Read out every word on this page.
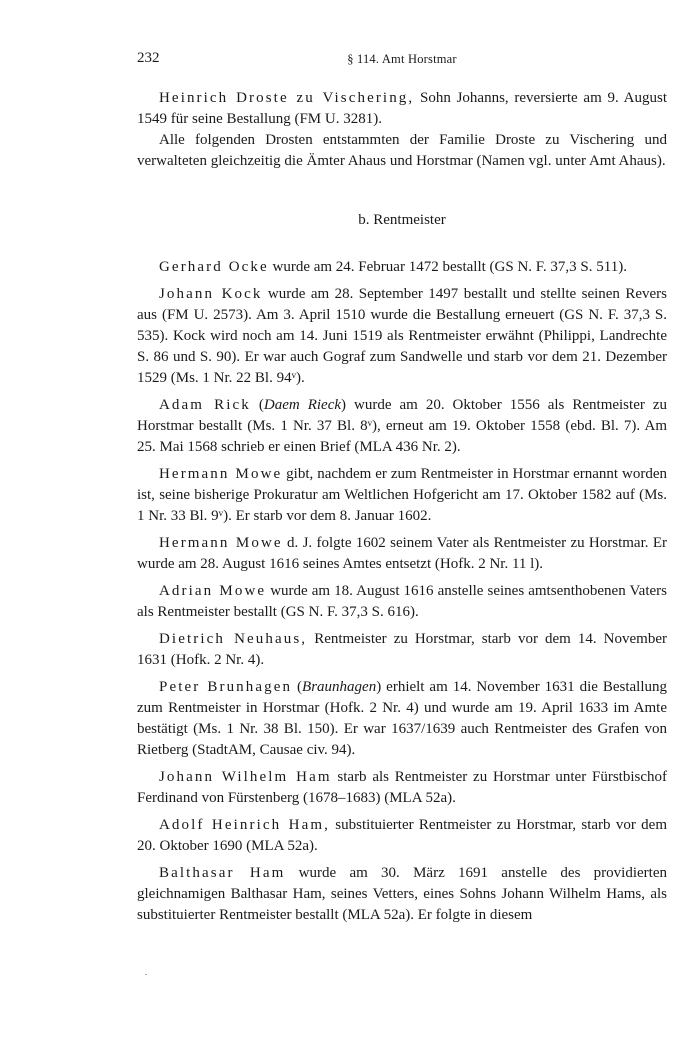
232	§ 114. Amt Horstmar

Heinrich Droste zu Vischering, Sohn Johanns, reversierte am 9. August 1549 für seine Bestallung (FM U. 3281).

Alle folgenden Drosten entstammten der Familie Droste zu Vischering und verwalteten gleichzeitig die Ämter Ahaus und Horstmar (Namen vgl. unter Amt Ahaus).

b. Rentmeister

Gerhard Ocke wurde am 24. Februar 1472 bestallt (GS N. F. 37,3 S. 511).

Johann Kock wurde am 28. September 1497 bestallt und stellte seinen Revers aus (FM U. 2573). Am 3. April 1510 wurde die Bestallung erneuert (GS N. F. 37,3 S. 535). Kock wird noch am 14. Juni 1519 als Rentmeister erwähnt (Philippi, Landrechte S. 86 und S. 90). Er war auch Gograf zum Sandwelle und starb vor dem 21. Dezember 1529 (Ms. 1 Nr. 22 Bl. 94ᵛ).

Adam Rick (Daem Rieck) wurde am 20. Oktober 1556 als Rentmeister zu Horstmar bestallt (Ms. 1 Nr. 37 Bl. 8ᵛ), erneut am 19. Oktober 1558 (ebd. Bl. 7). Am 25. Mai 1568 schrieb er einen Brief (MLA 436 Nr. 2).

Hermann Mowe gibt, nachdem er zum Rentmeister in Horstmar ernannt worden ist, seine bisherige Prokuratur am Weltlichen Hofgericht am 17. Oktober 1582 auf (Ms. 1 Nr. 33 Bl. 9ᵛ). Er starb vor dem 8. Januar 1602.

Hermann Mowe d. J. folgte 1602 seinem Vater als Rentmeister zu Horstmar. Er wurde am 28. August 1616 seines Amtes entsetzt (Hofk. 2 Nr. 11 l).

Adrian Mowe wurde am 18. August 1616 anstelle seines amtsenthobenen Vaters als Rentmeister bestallt (GS N. F. 37,3 S. 616).

Dietrich Neuhaus, Rentmeister zu Horstmar, starb vor dem 14. November 1631 (Hofk. 2 Nr. 4).

Peter Brunhagen (Braunhagen) erhielt am 14. November 1631 die Bestallung zum Rentmeister in Horstmar (Hofk. 2 Nr. 4) und wurde am 19. April 1633 im Amte bestätigt (Ms. 1 Nr. 38 Bl. 150). Er war 1637/1639 auch Rentmeister des Grafen von Rietberg (StadtAM, Causae civ. 94).

Johann Wilhelm Ham starb als Rentmeister zu Horstmar unter Fürstbischof Ferdinand von Fürstenberg (1678–1683) (MLA 52a).

Adolf Heinrich Ham, substituierter Rentmeister zu Horstmar, starb vor dem 20. Oktober 1690 (MLA 52a).

Balthasar Ham wurde am 30. März 1691 anstelle des providierten gleichnamigen Balthasar Ham, seines Vetters, eines Sohns Johann Wilhelm Hams, als substituierter Rentmeister bestallt (MLA 52a). Er folgte in diesem
